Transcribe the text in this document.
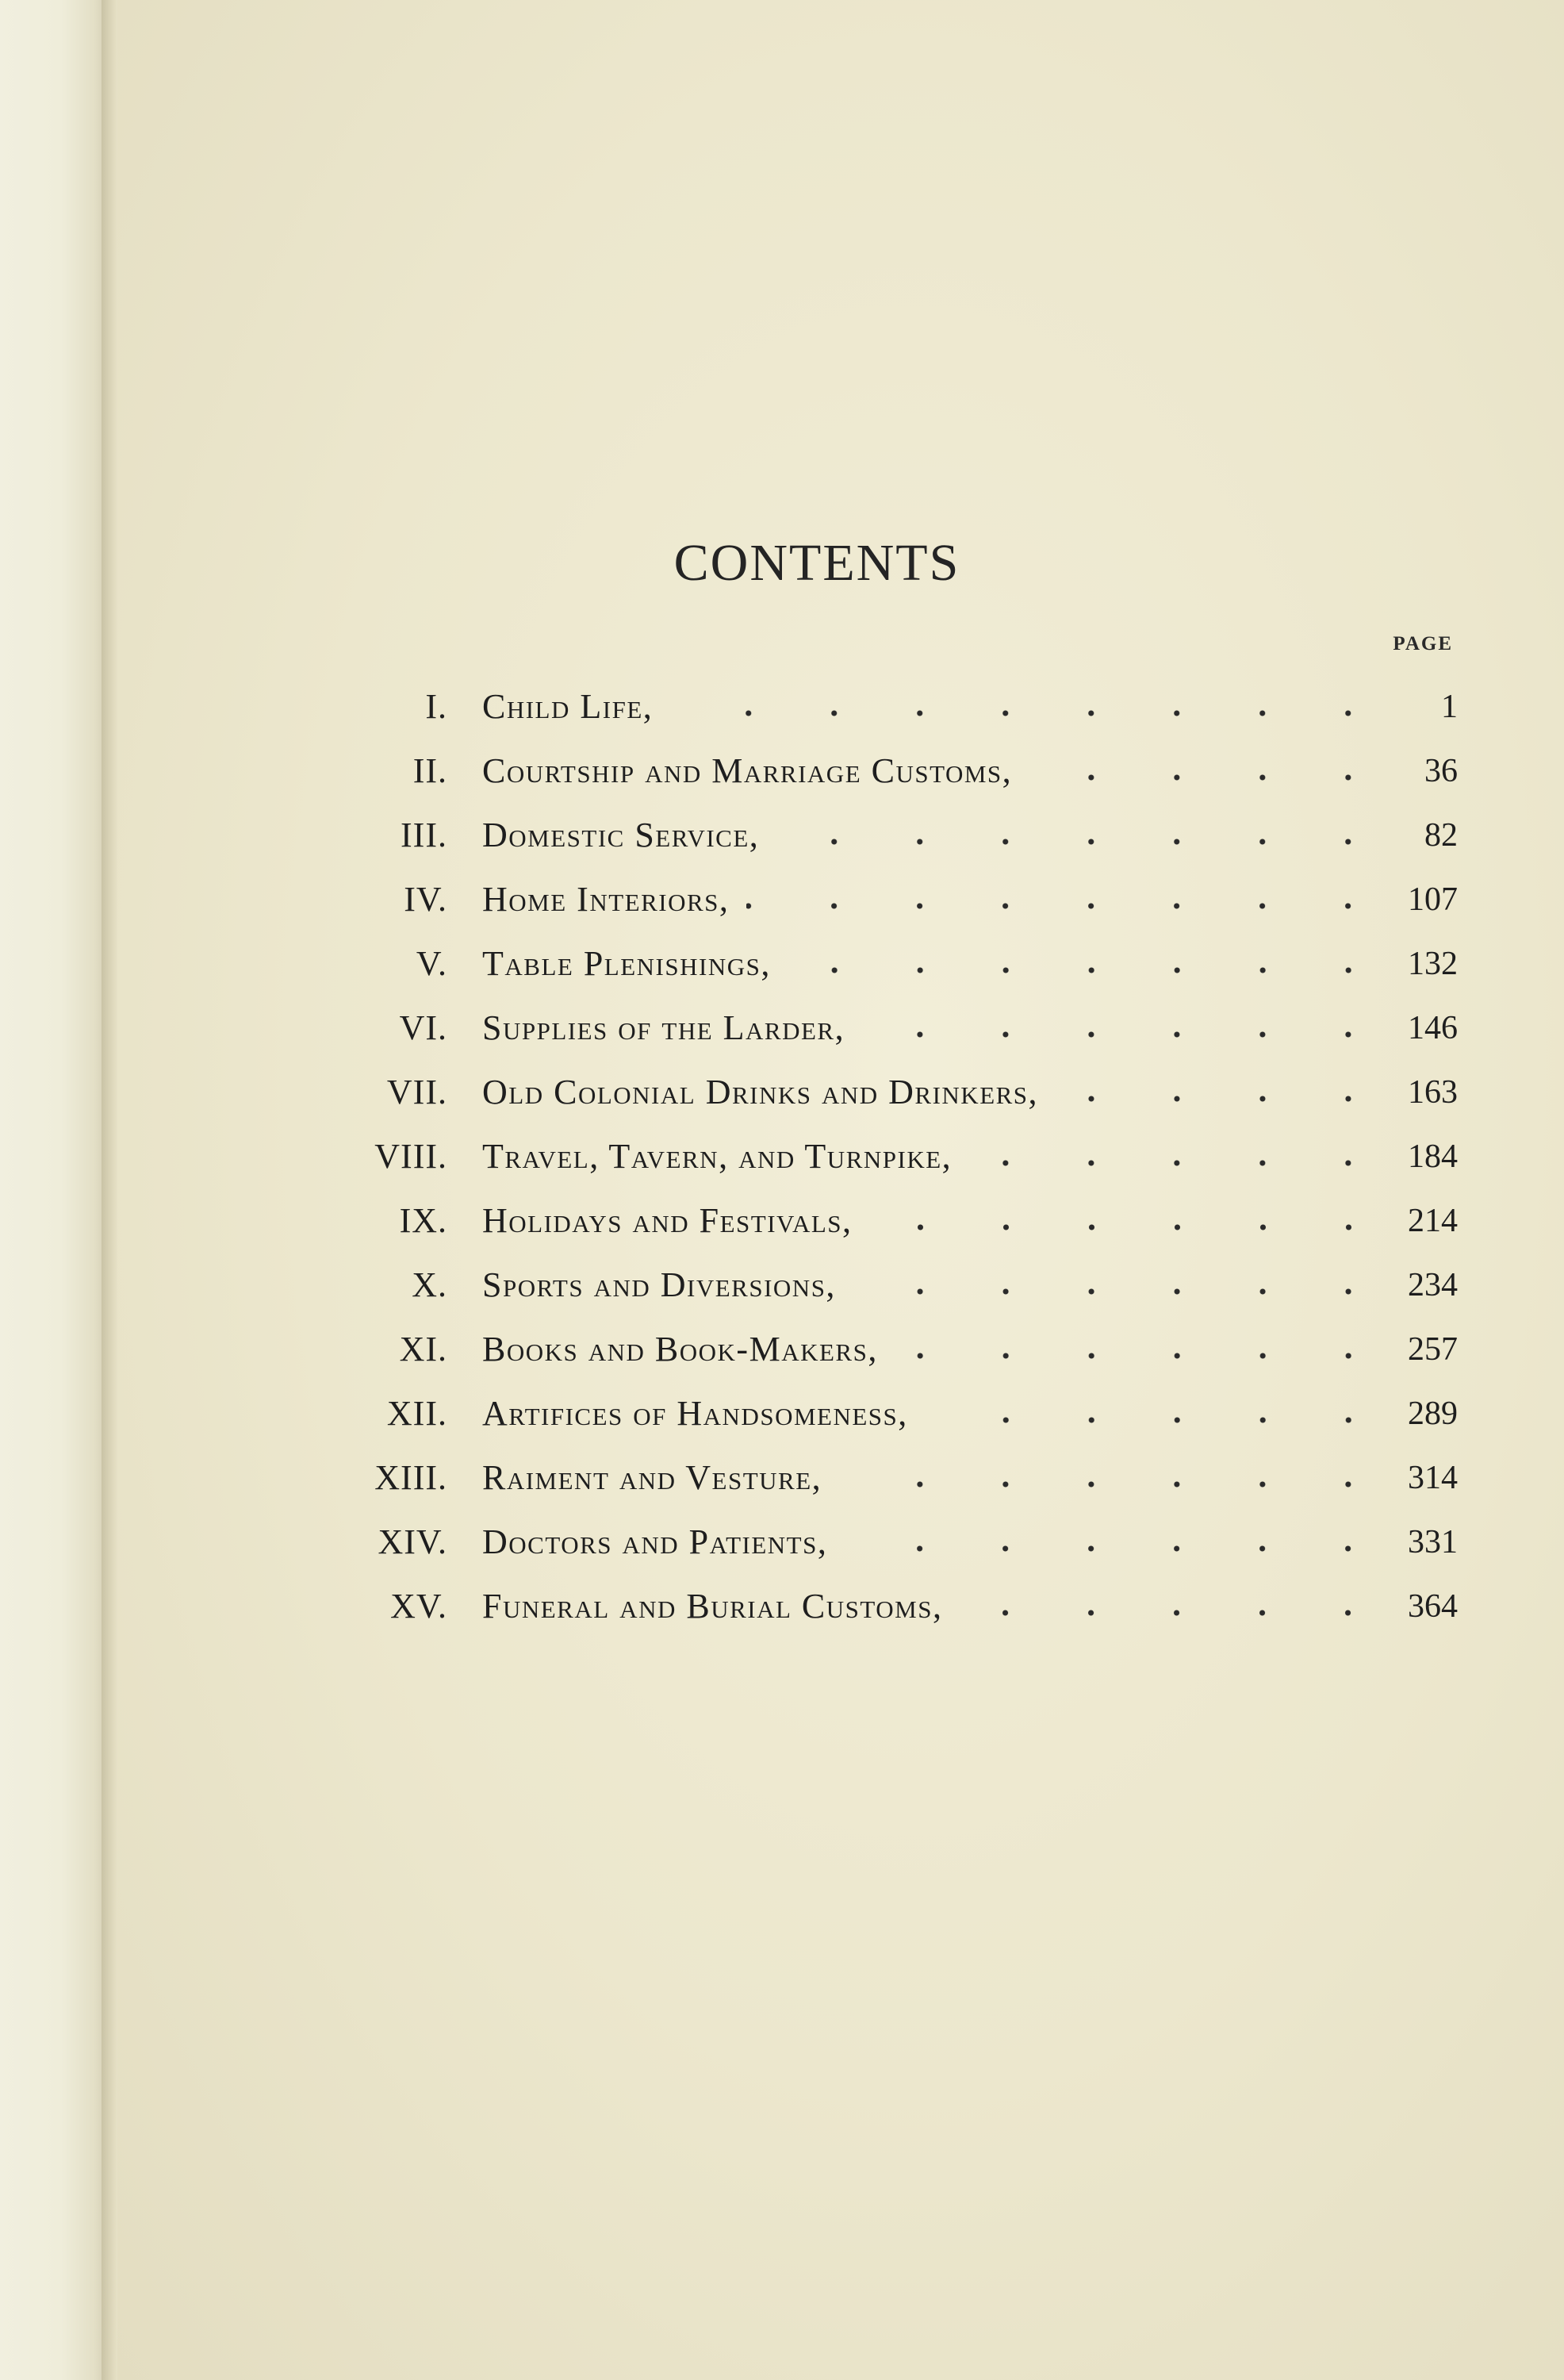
CONTENTS
PAGE
I. Child Life,	1
II. Courtship and Marriage Customs,	36
III. Domestic Service,	82
IV. Home Interiors,	107
V. Table Plenishings,	132
VI. Supplies of the Larder,	146
VII. Old Colonial Drinks and Drinkers,	163
VIII. Travel, Tavern, and Turnpike,	184
IX. Holidays and Festivals,	214
X. Sports and Diversions,	234
XI. Books and Book-Makers,	257
XII. Artifices of Handsomeness,	289
XIII. Raiment and Vesture,	314
XIV. Doctors and Patients,	331
XV. Funeral and Burial Customs,	364
